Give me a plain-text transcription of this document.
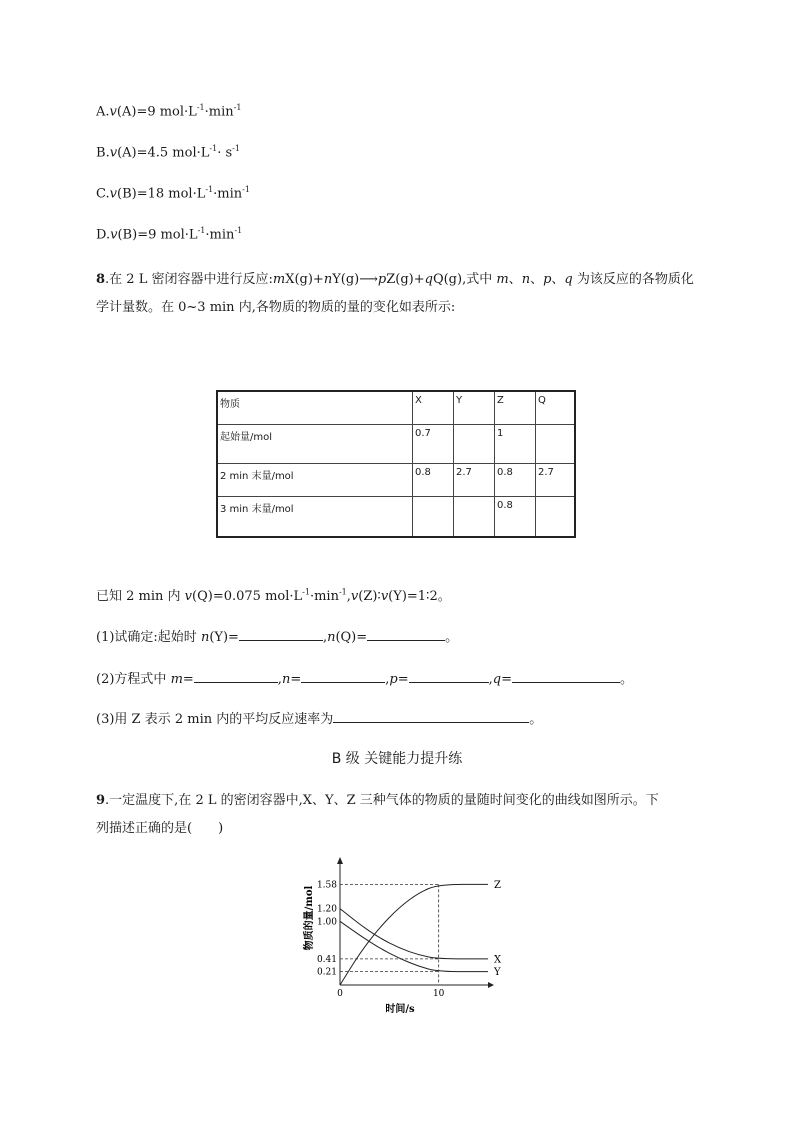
A.v(A)=9 $mol\cdot L^{-1}\cdot\min^{-1}$
B.v(A)=4.5 $mol\cdot L^{-1}\cdot s^{-1}$
C.v(B)=18 $mol\cdot L^{-1}\cdot\min^{-1}$
D.v(B)=9 $mol\cdot L^{-1}\cdot\min^{-1}$
8.在 2 L 密闭容器中进行反应:mX(g)+nY(g)⟶pZ(g)+qQ(g),式中 m、n、p、q 为该反应的各物质化
学计量数。在 0~3 min 内,各物质的物质的量的变化如表所示:
物质	X	Y	Z	Q
起始量/mol	0.7		1	
2 min 末量/mol	0.8	2.7	0.8	2.7
3 min 末量/mol			0.8	
已知 2 min 内 v(Q)=0.075 $mol\cdot L^{-1}\cdot\min^{-1},v(Z)∶v(Y)=1∶2$。
(1)试确定:起始时 n(Y)=	,n(Q)=	。
(2)方程式中 m=	,n=	,p=	,q=	。
(3)用 Z 表示 2 min 内的平均反应速率为	。
B 级 关键能力提升练
9.一定温度下,在 2 L 的密闭容器中,X、Y、Z 三种气体的物质的量随时间变化的曲线如图所示。下
列描述正确的是(　　)
Z
X
Y
0.21
0.41
1.00
1.20
1.58
0	10
时间/s
物质的量/mol
